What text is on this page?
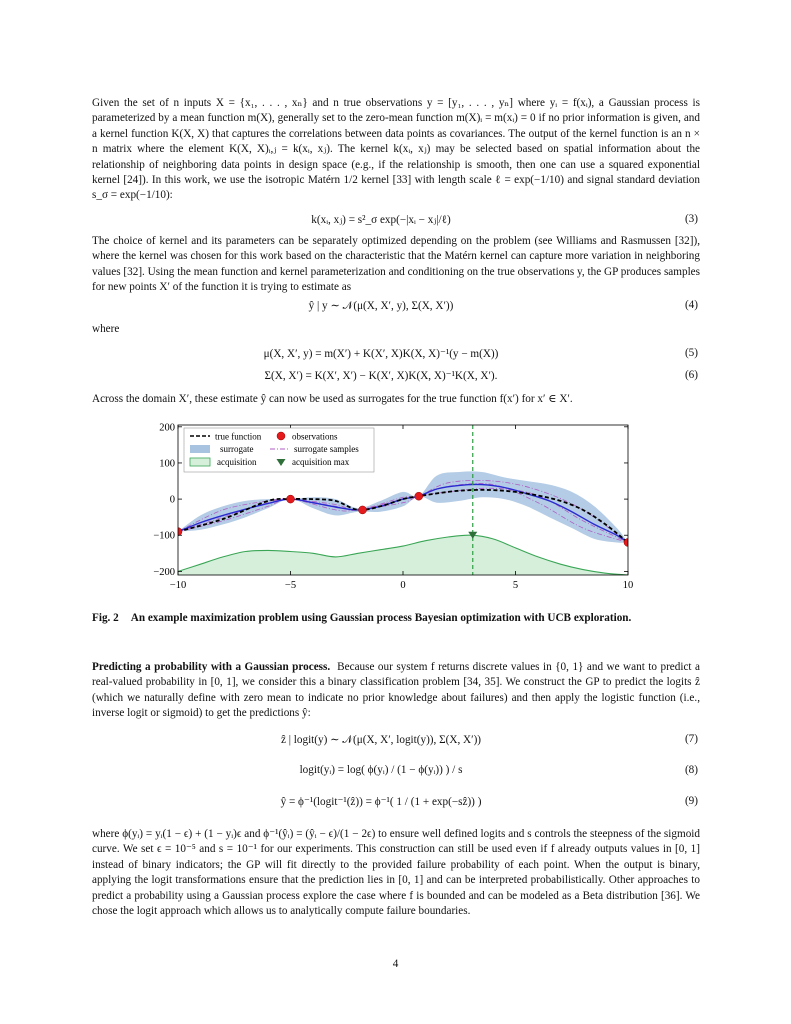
Given the set of n inputs X = {x₁, . . . , xₙ} and n true observations y = [y₁, . . . , yₙ] where yᵢ = f(xᵢ), a Gaussian process is parameterized by a mean function m(X), generally set to the zero-mean function m(X)ᵢ = m(xᵢ) = 0 if no prior information is given, and a kernel function K(X, X) that captures the correlations between data points as covariances. The output of the kernel function is an n × n matrix where the element K(X, X)ᵢ,ⱼ = k(xᵢ, xⱼ). The kernel k(xᵢ, xⱼ) may be selected based on spatial information about the relationship of neighboring data points in design space (e.g., if the relationship is smooth, then one can use a squared exponential kernel [24]). In this work, we use the isotropic Matérn 1/2 kernel [33] with length scale ℓ = exp(−1/10) and signal standard deviation s_σ = exp(−1/10):
k(xᵢ, xⱼ) = s²_σ exp(−|xᵢ − xⱼ|/ℓ)	(3)
The choice of kernel and its parameters can be separately optimized depending on the problem (see Williams and Rasmussen [32]), where the kernel was chosen for this work based on the characteristic that the Matérn kernel can capture more variation in neighboring values [32]. Using the mean function and kernel parameterization and conditioning on the true observations y, the GP produces samples for new points X′ of the function it is trying to estimate as
ŷ | y ∼ 𝒩(μ(X, X′, y), Σ(X, X′))	(4)
where
μ(X, X′, y) = m(X′) + K(X′, X)K(X, X)⁻¹(y − m(X))	(5)
Σ(X, X′) = K(X′, X′) − K(X′, X)K(X, X)⁻¹K(X, X′).	(6)
Across the domain X′, these estimate ŷ can now be used as surrogates for the true function f(x′) for x′ ∈ X′.
−10	−5	0	5	10
200
100
0
−100
−200
true function	observations
surrogate	surrogate samples
acquisition	acquisition max
Fig. 2 An example maximization problem using Gaussian process Bayesian optimization with UCB exploration.
Predicting a probability with a Gaussian process. Because our system f returns discrete values in {0, 1} and we want to predict a real-valued probability in [0, 1], we consider this a binary classification problem [34, 35]. We construct the GP to predict the logits ẑ (which we naturally define with zero mean to indicate no prior knowledge about failures) and then apply the logistic function (i.e., inverse logit or sigmoid) to get the predictions ŷ:
ẑ | logit(y) ∼ 𝒩(μ(X, X′, logit(y)), Σ(X, X′))	(7)
logit(yᵢ) = log( ϕ(yᵢ) / (1 − ϕ(yᵢ)) ) / s	(8)
ŷ = ϕ⁻¹(logit⁻¹(ẑ)) = ϕ⁻¹( 1 / (1 + exp(−sẑ)) )	(9)
where ϕ(yᵢ) = yᵢ(1 − ϵ) + (1 − yᵢ)ϵ and ϕ⁻¹(ŷᵢ) = (ŷᵢ − ϵ)/(1 − 2ϵ) to ensure well defined logits and s controls the steepness of the sigmoid curve. We set ϵ = 10⁻⁵ and s = 10⁻¹ for our experiments. This construction can still be used even if f already outputs values in [0, 1] instead of binary indicators; the GP will fit directly to the provided failure probability of each point. When the output is binary, applying the logit transformations ensure that the prediction lies in [0, 1] and can be interpreted probabilistically. Other approaches to predict a probability using a Gaussian process explore the case where f is bounded and can be modeled as a Beta distribution [36]. We chose the logit approach which allows us to analytically compute failure boundaries.
4
